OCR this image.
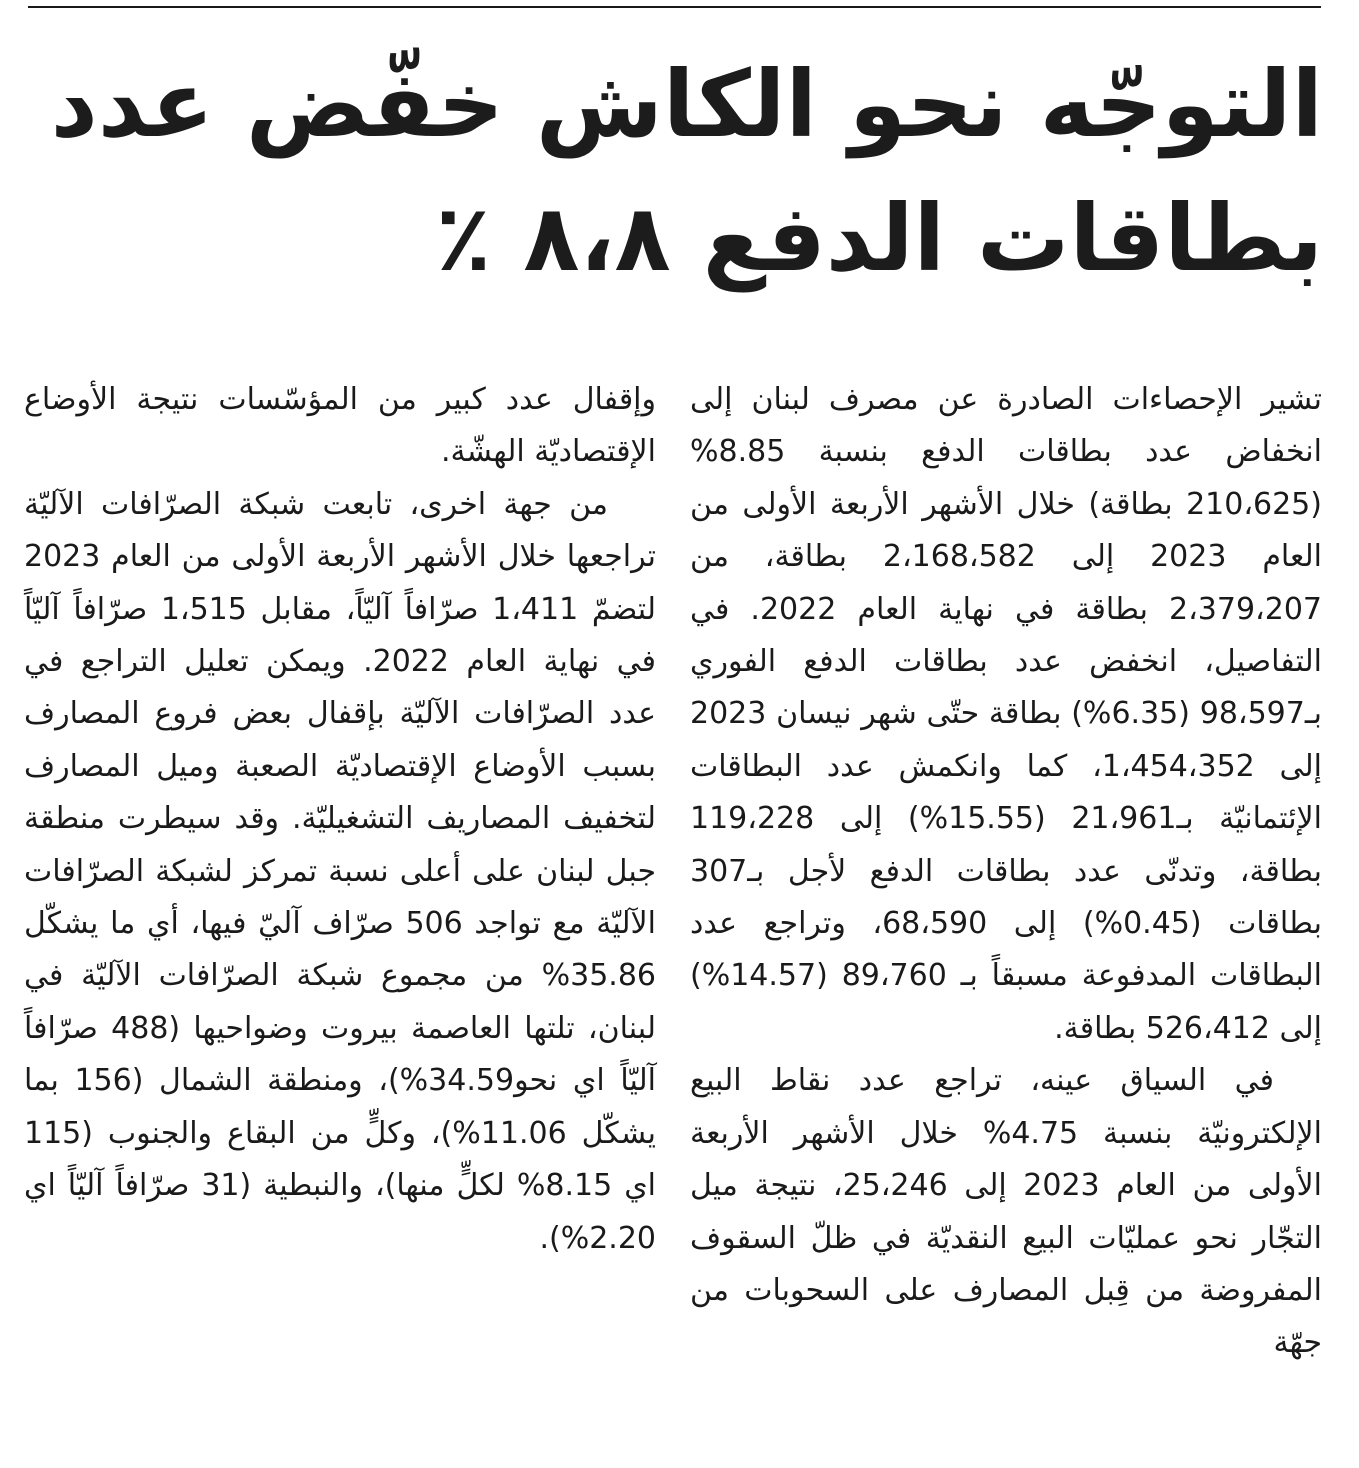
التوجّه نحو الكاش خفّض عدد
بطاقات الدفع ٨،٨ ٪

تشير الإحصاءات الصادرة عن مصرف لبنان إلى انخفاض عدد بطاقات الدفع بنسبة 8.85% (210،625 بطاقة) خلال الأشهر الأربعة الأولى من العام 2023 إلى 2،168،582 بطاقة، من 2،379،207 بطاقة في نهاية العام 2022. في التفاصيل، انخفض عدد بطاقات الدفع الفوري بـ98،597 (6.35%) بطاقة حتّى شهر نيسان 2023 إلى 1،454،352، كما وانكمش عدد البطاقات الإئتمانيّة بـ21،961 (15.55%) إلى 119،228 بطاقة، وتدنّى عدد بطاقات الدفع لأجل بـ307 بطاقات (0.45%) إلى 68،590، وتراجع عدد البطاقات المدفوعة مسبقاً بـ 89،760 (14.57%) إلى 526،412 بطاقة.

في السياق عينه، تراجع عدد نقاط البيع الإلكترونيّة بنسبة 4.75% خلال الأشهر الأربعة الأولى من العام 2023 إلى 25،246، نتيجة ميل التجّار نحو عمليّات البيع النقديّة في ظلّ السقوف المفروضة من قِبل المصارف على السحوبات من جهّة

وإقفال عدد كبير من المؤسّسات نتيجة الأوضاع الإقتصاديّة الهشّة.

من جهة اخرى، تابعت شبكة الصرّافات الآليّة تراجعها خلال الأشهر الأربعة الأولى من العام 2023 لتضمّ 1،411 صرّافاً آليّاً، مقابل 1،515 صرّافاً آليّاً في نهاية العام 2022. ويمكن تعليل التراجع في عدد الصرّافات الآليّة بإقفال بعض فروع المصارف بسبب الأوضاع الإقتصاديّة الصعبة وميل المصارف لتخفيف المصاريف التشغيليّة. وقد سيطرت منطقة جبل لبنان على أعلى نسبة تمركز لشبكة الصرّافات الآليّة مع تواجد 506 صرّاف آليّ فيها، أي ما يشكّل 35.86% من مجموع شبكة الصرّافات الآليّة في لبنان، تلتها العاصمة بيروت وضواحيها (488 صرّافاً آليّاً اي نحو34.59%)، ومنطقة الشمال (156 بما يشكّل 11.06%)، وكلٍّ من البقاع والجنوب (115 اي 8.15% لكلٍّ منها)، والنبطية (31 صرّافاً آليّاً اي 2.20%).
